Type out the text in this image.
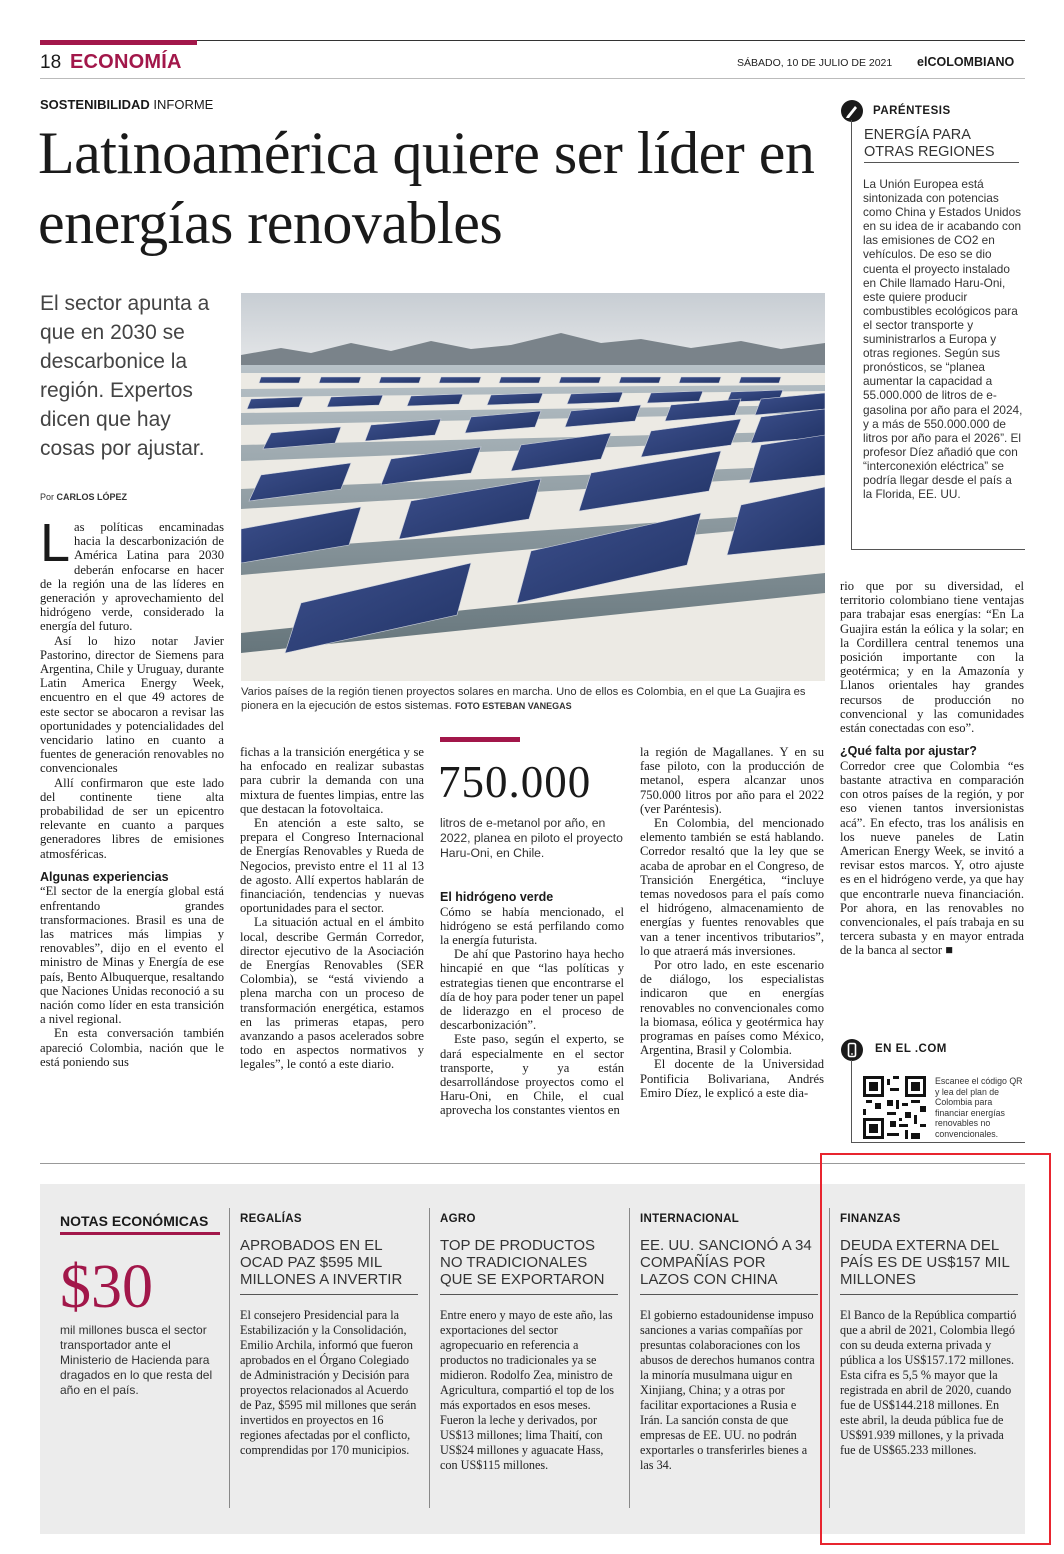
18 ECONOMÍA	SÁBADO, 10 DE JULIO DE 2021 elCOLOMBIANO
SOSTENIBILIDAD INFORME
Latinoamérica quiere ser líder en energías renovables
El sector apunta a que en 2030 se descarbonice la región. Expertos dicen que hay cosas por ajustar.
Por CARLOS LÓPEZ
Varios países de la región tienen proyectos solares en marcha. Uno de ellos es Colombia, en el que La Guajira es pionera en la ejecución de estos sistemas. FOTO ESTEBAN VANEGAS
L as políticas encaminadas hacia la descarbonización de América Latina para 2030 deberán enfocarse en hacer de la región una de las líderes en generación y aprovechamiento del hidrógeno verde, considerado la energía del futuro.

Así lo hizo notar Javier Pastorino, director de Siemens para Argentina, Chile y Uruguay, durante Latin America Energy Week, encuentro en el que 49 actores de este sector se abocaron a revisar las oportunidades y potencialidades del vencidario latino en cuanto a fuentes de generación renovables no convencionales

Allí confirmaron que este lado del continente tiene alta probabilidad de ser un epicentro relevante en cuanto a parques generadores libres de emisiones atmosféricas.

Algunas experiencias

“El sector de la energía global está enfrentando grandes transformaciones. Brasil es una de las matrices más limpias y renovables”, dijo en el evento el ministro de Minas y Energía de ese país, Bento Albuquerque, resaltando que Naciones Unidas reconoció a su nación como líder en esta transición a nivel regional.

En esta conversación también apareció Colombia, nación que le está poniendo sus

fichas a la transición energética y se ha enfocado en realizar subastas para cubrir la demanda con una mixtura de fuentes limpias, entre las que destacan la fotovoltaica.

En atención a este salto, se prepara el Congreso Internacional de Energías Renovables y Rueda de Negocios, previsto entre el 11 al 13 de agosto. Allí expertos hablarán de financiación, tendencias y nuevas oportunidades para el sector.

La situación actual en el ámbito local, describe Germán Corredor, director ejecutivo de la Asociación de Energías Renovables (SER Colombia), se “está viviendo a plena marcha con un proceso de transformación energética, estamos en las primeras etapas, pero avanzando a pasos acelerados sobre todo en aspectos normativos y legales”, le contó a este diario.

750.000
litros de e-metanol por año, en 2022, planea en piloto el proyecto Haru-Oni, en Chile.
El hidrógeno verde

Cómo se había mencionado, el hidrógeno se está perfilando como la energía futurista.

De ahí que Pastorino haya hecho hincapié en que “las políticas y estrategias tienen que encontrarse el día de hoy para poder tener un papel de liderazgo en el proceso de descarbonización”.

Este paso, según el experto, se dará especialmente en el sector transporte, y ya están desarrollándose proyectos como el Haru-Oni, en Chile, el cual aprovecha los constantes vientos en

la región de Magallanes. Y en su fase piloto, con la producción de metanol, espera alcanzar unos 750.000 litros por año para el 2022 (ver Paréntesis).

En Colombia, del mencionado elemento también se está hablando. Corredor resaltó que la ley que se acaba de aprobar en el Congreso, de Transición Energética, “incluye temas novedosos para el país como el hidrógeno, almacenamiento de energías y fuentes renovables que van a tener incentivos tributarios”, lo que atraerá más inversiones.

Por otro lado, en este escenario de diálogo, los especialistas indicaron que en energías renovables no convencionales como la biomasa, eólica y geotérmica hay programas en países como México, Argentina, Brasil y Colombia.

El docente de la Universidad Pontificia Bolivariana, Andrés Emiro Díez, le explicó a este dia-

rio que por su diversidad, el territorio colombiano tiene ventajas para trabajar esas energías: “En La Guajira están la eólica y la solar; en la Cordillera central tenemos una posición importante con la geotérmica; y en la Amazonía y Llanos orientales hay grandes recursos de producción no convencional y las comunidades están conectadas con eso”.

¿Qué falta por ajustar?

Corredor cree que Colombia “es bastante atractiva en comparación con otros países de la región, y por eso vienen tantos inversionistas acá”. En efecto, tras los análisis en los nueve paneles de Latin American Energy Week, se invitó a revisar estos marcos. Y, otro ajuste es en el hidrógeno verde, ya que hay que encontrarle nueva financiación. Por ahora, en las renovables no convencionales, el país trabaja en su tercera subasta y en mayor entrada de la banca al sector ■

PARÉNTESIS
ENERGÍA PARA OTRAS REGIONES
La Unión Europea está sintonizada con potencias como China y Estados Unidos en su idea de ir acabando con las emisiones de CO2 en vehículos. De eso se dio cuenta el proyecto instalado en Chile llamado Haru-Oni, este quiere producir combustibles ecológicos para el sector transporte y suministrarlos a Europa y otras regiones. Según sus pronósticos, se “planea aumentar la capacidad a 55.000.000 de litros de e-gasolina por año para el 2024, y a más de 550.000.000 de litros por año para el 2026”. El profesor Díez añadió que con “interconexión eléctrica” se podría llegar desde el país a la Florida, EE. UU.
EN EL .COM
Escanee el código QR y lea del plan de Colombia para financiar energías renovables no convencionales.
NOTAS ECONÓMICAS
$30
mil millones busca el sector transportador ante el Ministerio de Hacienda para dragados en lo que resta del año en el país.
REGALÍAS
APROBADOS EN EL OCAD PAZ $595 MIL MILLONES A INVERTIR
El consejero Presidencial para la Estabilización y la Consolidación, Emilio Archila, informó que fueron aprobados en el Órgano Colegiado de Administración y Decisión para proyectos relacionados al Acuerdo de Paz, $595 mil millones que serán invertidos en proyectos en 16 regiones afectadas por el conflicto, comprendidas por 170 municipios.
AGRO
TOP DE PRODUCTOS NO TRADICIONALES QUE SE EXPORTARON
Entre enero y mayo de este año, las exportaciones del sector agropecuario en referencia a productos no tradicionales ya se midieron. Rodolfo Zea, ministro de Agricultura, compartió el top de los más exportados en esos meses. Fueron la leche y derivados, por US$13 millones; lima Thaití, con US$24 millones y aguacate Hass, con US$115 millones.
INTERNACIONAL
EE. UU. SANCIONÓ A 34 COMPAÑÍAS POR LAZOS CON CHINA
El gobierno estadounidense impuso sanciones a varias compañías por presuntas colaboraciones con los abusos de derechos humanos contra la minoría musulmana uigur en Xinjiang, China; y a otras por facilitar exportaciones a Rusia e Irán. La sanción consta de que empresas de EE. UU. no podrán exportarles o transferirles bienes a las 34.
FINANZAS
DEUDA EXTERNA DEL PAÍS ES DE US$157 MIL MILLONES
El Banco de la República compartió que a abril de 2021, Colombia llegó con su deuda externa privada y pública a los US$157.172 millones. Esta cifra es 5,5 % mayor que la registrada en abril de 2020, cuando fue de US$144.218 millones. En este abril, la deuda pública fue de US$91.939 millones, y la privada fue de US$65.233 millones.
